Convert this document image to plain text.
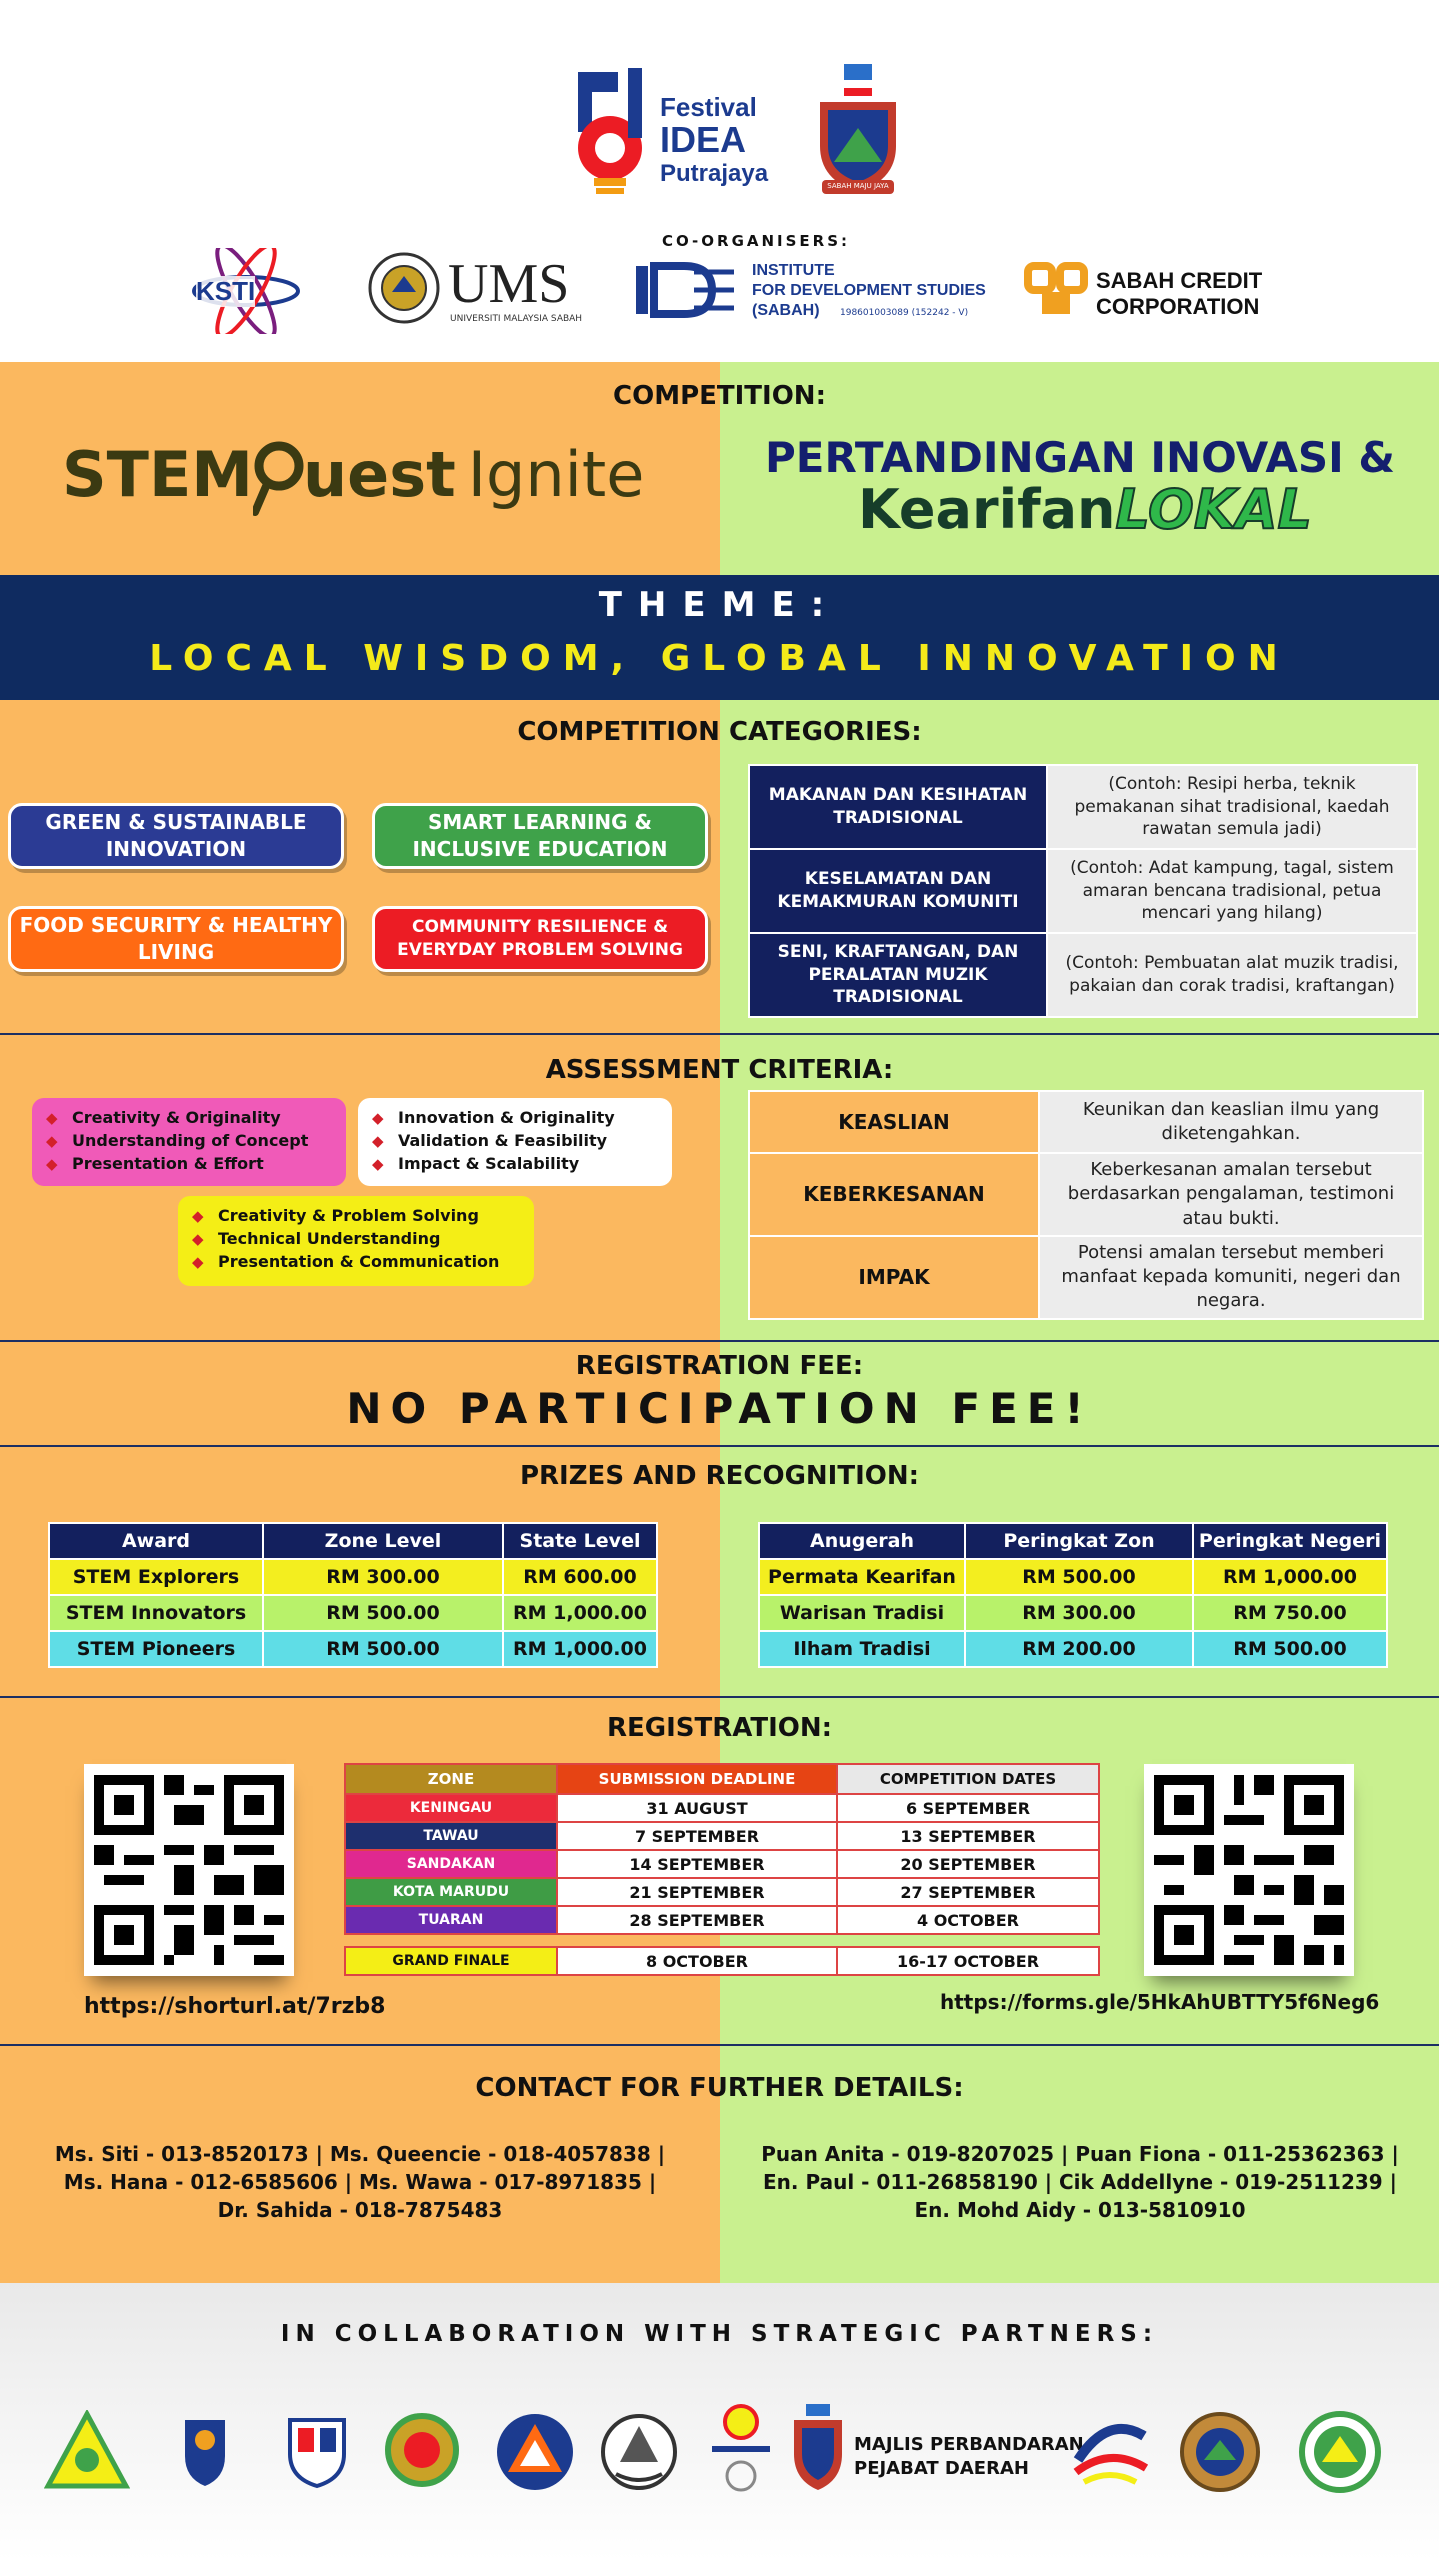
Festival
IDEA
Putrajaya	SABAH MAJU JAYA
CO-ORGANISERS:
KSTI	UMS
UNIVERSITI MALAYSIA SABAH
INSTITUTE
FOR DEVELOPMENT STUDIES
(SABAH) 198601003089 (152242 - V)
SABAH CREDIT
CORPORATION
COMPETITION:
STEM uest Ignite	PERTANDINGAN INOVASI &
KearifanLOKAL
THEME:
LOCAL WISDOM, GLOBAL INNOVATION
COMPETITION CATEGORIES:
GREEN & SUSTAINABLE INNOVATION
SMART LEARNING & INCLUSIVE EDUCATION
FOOD SECURITY & HEALTHY LIVING
COMMUNITY RESILIENCE & EVERYDAY PROBLEM SOLVING
MAKANAN DAN KESIHATAN TRADISIONAL	(Contoh: Resipi herba, teknik pemakanan sihat tradisional, kaedah rawatan semula jadi)
KESELAMATAN DAN KEMAKMURAN KOMUNITI	(Contoh: Adat kampung, tagal, sistem amaran bencana tradisional, petua mencari yang hilang)
SENI, KRAFTANGAN, DAN PERALATAN MUZIK TRADISIONAL	(Contoh: Pembuatan alat muzik tradisi, pakaian dan corak tradisi, kraftangan)
ASSESSMENT CRITERIA:
◆ Creativity & Originality
◆ Understanding of Concept
◆ Presentation & Effort
◆ Innovation & Originality
◆ Validation & Feasibility
◆ Impact & Scalability
◆ Creativity & Problem Solving
◆ Technical Understanding
◆ Presentation & Communication
KEASLIAN	Keunikan dan keaslian ilmu yang diketengahkan.
KEBERKESANAN	Keberkesanan amalan tersebut berdasarkan pengalaman, testimoni atau bukti.
IMPAK	Potensi amalan tersebut memberi manfaat kepada komuniti, negeri dan negara.
REGISTRATION FEE:
NO PARTICIPATION FEE!
PRIZES AND RECOGNITION:
Award	Zone Level	State Level
STEM Explorers	RM 300.00	RM 600.00
STEM Innovators	RM 500.00	RM 1,000.00
STEM Pioneers	RM 500.00	RM 1,000.00
Anugerah	Peringkat Zon	Peringkat Negeri
Permata Kearifan	RM 500.00	RM 1,000.00
Warisan Tradisi	RM 300.00	RM 750.00
Ilham Tradisi	RM 200.00	RM 500.00
REGISTRATION:
https://shorturl.at/7rzb8	https://forms.gle/5HkAhUBTTY5f6Neg6
ZONE	SUBMISSION DEADLINE	COMPETITION DATES
KENINGAU	31 AUGUST	6 SEPTEMBER
TAWAU	7 SEPTEMBER	13 SEPTEMBER
SANDAKAN	14 SEPTEMBER	20 SEPTEMBER
KOTA MARUDU	21 SEPTEMBER	27 SEPTEMBER
TUARAN	28 SEPTEMBER	4 OCTOBER
GRAND FINALE	8 OCTOBER	16-17 OCTOBER
CONTACT FOR FURTHER DETAILS:
Ms. Siti - 013-8520173 | Ms. Queencie - 018-4057838 |
Ms. Hana - 012-6585606 | Ms. Wawa - 017-8971835 |
Dr. Sahida - 018-7875483
Puan Anita - 019-8207025 | Puan Fiona - 011-25362363 |
En. Paul - 011-26858190 | Cik Addellyne - 019-2511239 |
En. Mohd Aidy - 013-5810910
IN COLLABORATION WITH STRATEGIC PARTNERS:
MAJLIS PERBANDARAN
PEJABAT DAERAH
